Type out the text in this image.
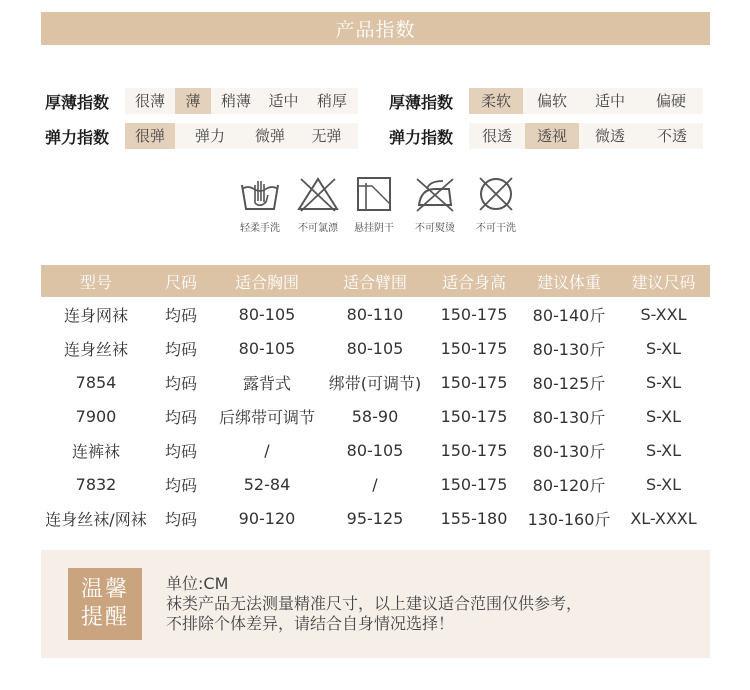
产品指数
厚薄指数	很薄	薄	稍薄	适中	稍厚
弹力指数	很弹	弹力	微弹	无弹
厚薄指数	柔软	偏软	适中	偏硬
弹力指数	很透	透视	微透	不透
轻柔手洗 不可氯漂 悬挂阴干 不可熨烫 不可干洗
型号	尺码	适合胸围	适合臂围	适合身高	建议体重	建议尺码
连身网袜	均码	80-105	80-110	150-175	80-140斤	S-XXL
连身丝袜	均码	80-105	80-105	150-175	80-130斤	S-XL
7854	均码	露背式	绑带(可调节)	150-175	80-125斤	S-XL
7900	均码	后绑带可调节	58-90	150-175	80-130斤	S-XL
连裤袜	均码	/	80-105	150-175	80-130斤	S-XL
7832	均码	52-84	/	150-175	80-120斤	S-XL
连身丝袜/网袜	均码	90-120	95-125	155-180	130-160斤	XL-XXXL
温馨
提醒
单位:CM
袜类产品无法测量精准尺寸，以上建议适合范围仅供参考，
不排除个体差异，请结合自身情况选择！
